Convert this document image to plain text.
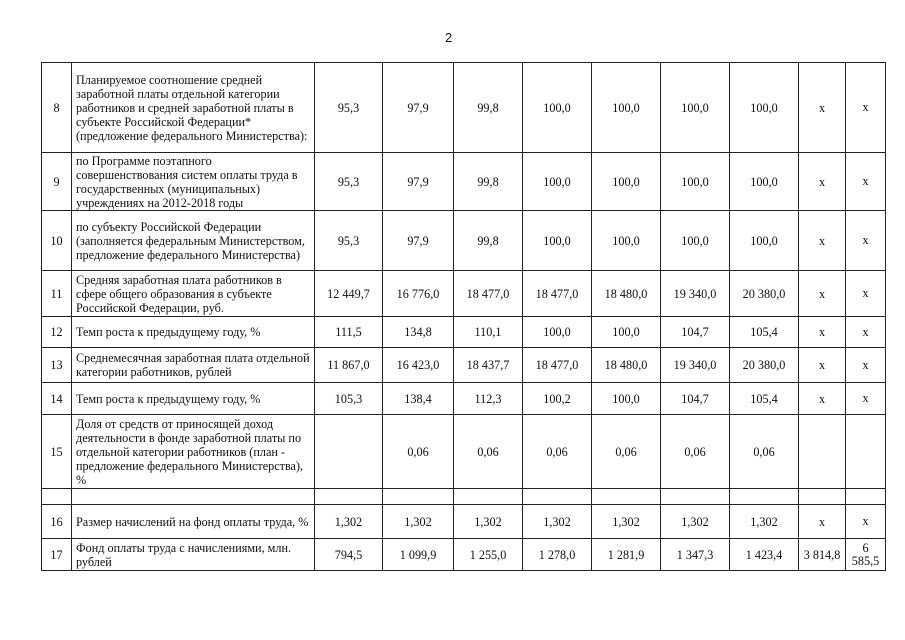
2
8	Планируемое соотношение средней заработной платы отдельной категории работников и средней заработной платы в субъекте Российской Федерации*(предложение федерального Министерства):	95,3	97,9	99,8	100,0	100,0	100,0	100,0	x	x
9	по Программе поэтапного совершенствования систем оплаты труда в государственных (муниципальных) учреждениях на 2012-2018 годы	95,3	97,9	99,8	100,0	100,0	100,0	100,0	x	x
10	по субъекту Российской Федерации (заполняется федеральным Министерством, предложение федерального Министерства)	95,3	97,9	99,8	100,0	100,0	100,0	100,0	x	x
11	Средняя заработная плата работников в сфере общего образования в субъекте Российской Федерации, руб.	12 449,7	16 776,0	18 477,0	18 477,0	18 480,0	19 340,0	20 380,0	x	x
12	Темп роста к предыдущему году, %	111,5	134,8	110,1	100,0	100,0	104,7	105,4	x	x
13	Среднемесячная заработная плата отдельной категории работников, рублей	11 867,0	16 423,0	18 437,7	18 477,0	18 480,0	19 340,0	20 380,0	x	x
14	Темп роста к предыдущему году, %	105,3	138,4	112,3	100,2	100,0	104,7	105,4	x	x
15	Доля от средств от приносящей доход деятельности в фонде заработной платы по отдельной категории работников (план - предложение федерального Министерства), %		0,06	0,06	0,06	0,06	0,06	0,06		

16	Размер начислений на фонд оплаты труда, %	1,302	1,302	1,302	1,302	1,302	1,302	1,302	x	x
17	Фонд оплаты труда с начислениями, млн. рублей	794,5	1 099,9	1 255,0	1 278,0	1 281,9	1 347,3	1 423,4	3 814,8	6 585,5
